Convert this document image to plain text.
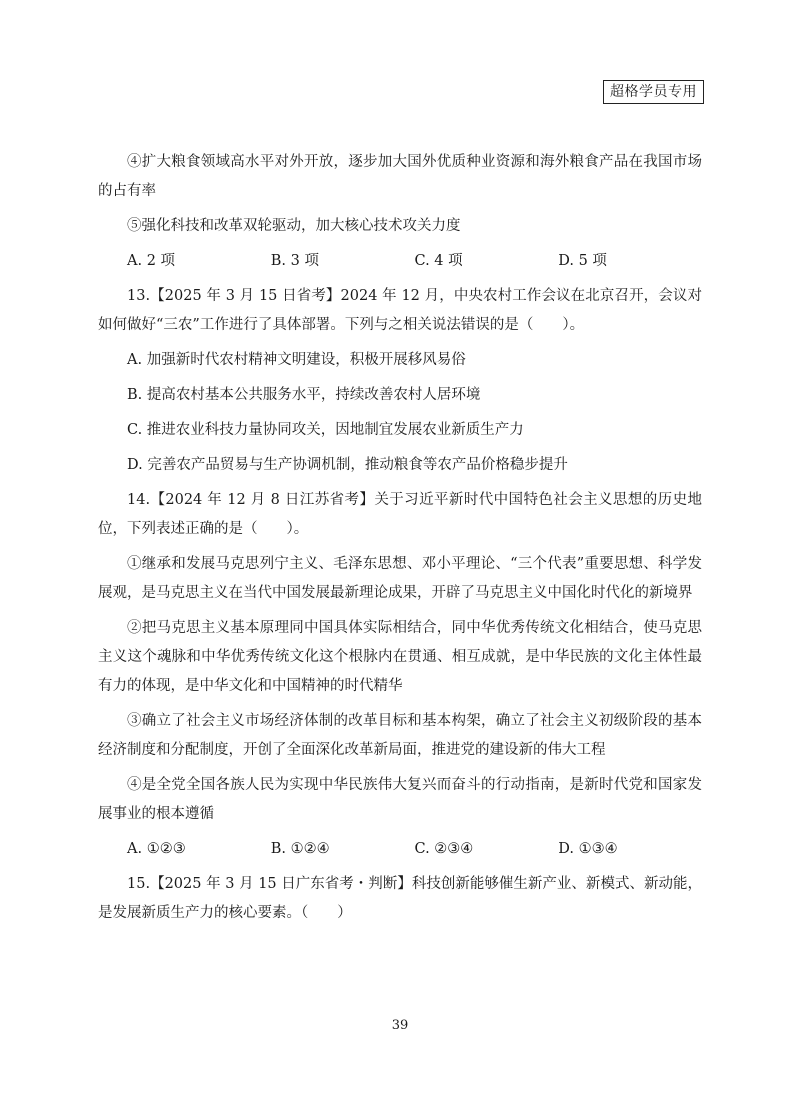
超格学员专用

④扩大粮食领域高水平对外开放，逐步加大国外优质种业资源和海外粮食产品在我国市场的占有率

⑤强化科技和改革双轮驱动，加大核心技术攻关力度

A. 2 项	B. 3 项	C. 4 项	D. 5 项

13.【2025 年 3 月 15 日省考】2024 年 12 月，中央农村工作会议在北京召开，会议对如何做好“三农”工作进行了具体部署。下列与之相关说法错误的是（　　）。

A. 加强新时代农村精神文明建设，积极开展移风易俗
B. 提高农村基本公共服务水平，持续改善农村人居环境
C. 推进农业科技力量协同攻关，因地制宜发展农业新质生产力
D. 完善农产品贸易与生产协调机制，推动粮食等农产品价格稳步提升

14.【2024 年 12 月 8 日江苏省考】关于习近平新时代中国特色社会主义思想的历史地位，下列表述正确的是（　　）。

①继承和发展马克思列宁主义、毛泽东思想、邓小平理论、“三个代表”重要思想、科学发展观，是马克思主义在当代中国发展最新理论成果，开辟了马克思主义中国化时代化的新境界

②把马克思主义基本原理同中国具体实际相结合，同中华优秀传统文化相结合，使马克思主义这个魂脉和中华优秀传统文化这个根脉内在贯通、相互成就，是中华民族的文化主体性最有力的体现，是中华文化和中国精神的时代精华

③确立了社会主义市场经济体制的改革目标和基本构架，确立了社会主义初级阶段的基本经济制度和分配制度，开创了全面深化改革新局面，推进党的建设新的伟大工程

④是全党全国各族人民为实现中华民族伟大复兴而奋斗的行动指南，是新时代党和国家发展事业的根本遵循

A. ①②③	B. ①②④	C. ②③④	D. ①③④

15.【2025 年 3 月 15 日广东省考・判断】科技创新能够催生新产业、新模式、新动能，是发展新质生产力的核心要素。（　　）

39
